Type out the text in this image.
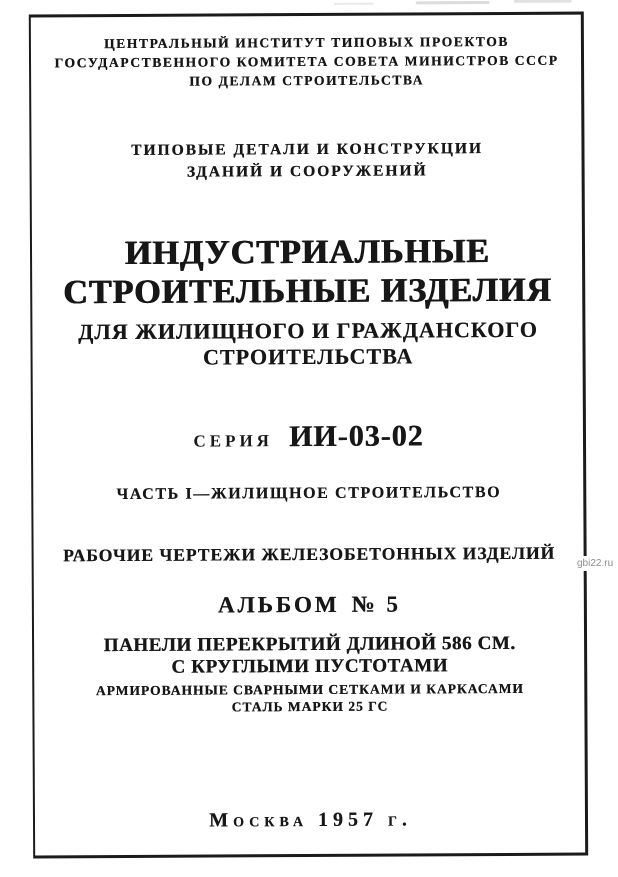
ЦЕНТРАЛЬНЫЙ ИНСТИТУТ ТИПОВЫХ ПРОЕКТОВ
ГОСУДАРСТВЕННОГО КОМИТЕТА СОВЕТА МИНИСТРОВ СССР
ПО ДЕЛАМ СТРОИТЕЛЬСТВА
ТИПОВЫЕ ДЕТАЛИ И КОНСТРУКЦИИ
ЗДАНИЙ И СООРУЖЕНИЙ
ИНДУСТРИАЛЬНЫЕ
СТРОИТЕЛЬНЫЕ ИЗДЕЛИЯ
ДЛЯ ЖИЛИЩНОГО И ГРАЖДАНСКОГО
СТРОИТЕЛЬСТВА
СЕРИЯ ИИ-03-02
ЧАСТЬ I—ЖИЛИЩНОЕ СТРОИТЕЛЬСТВО
РАБОЧИЕ ЧЕРТЕЖИ ЖЕЛЕЗОБЕТОННЫХ ИЗДЕЛИЙ
АЛЬБОМ № 5
ПАНЕЛИ ПЕРЕКРЫТИЙ ДЛИНОЙ 586 СМ.
С КРУГЛЫМИ ПУСТОТАМИ
АРМИРОВАННЫЕ СВАРНЫМИ СЕТКАМИ И КАРКАСАМИ
СТАЛЬ МАРКИ 25 ГС
Москва 1957 г.
gbi22.ru
